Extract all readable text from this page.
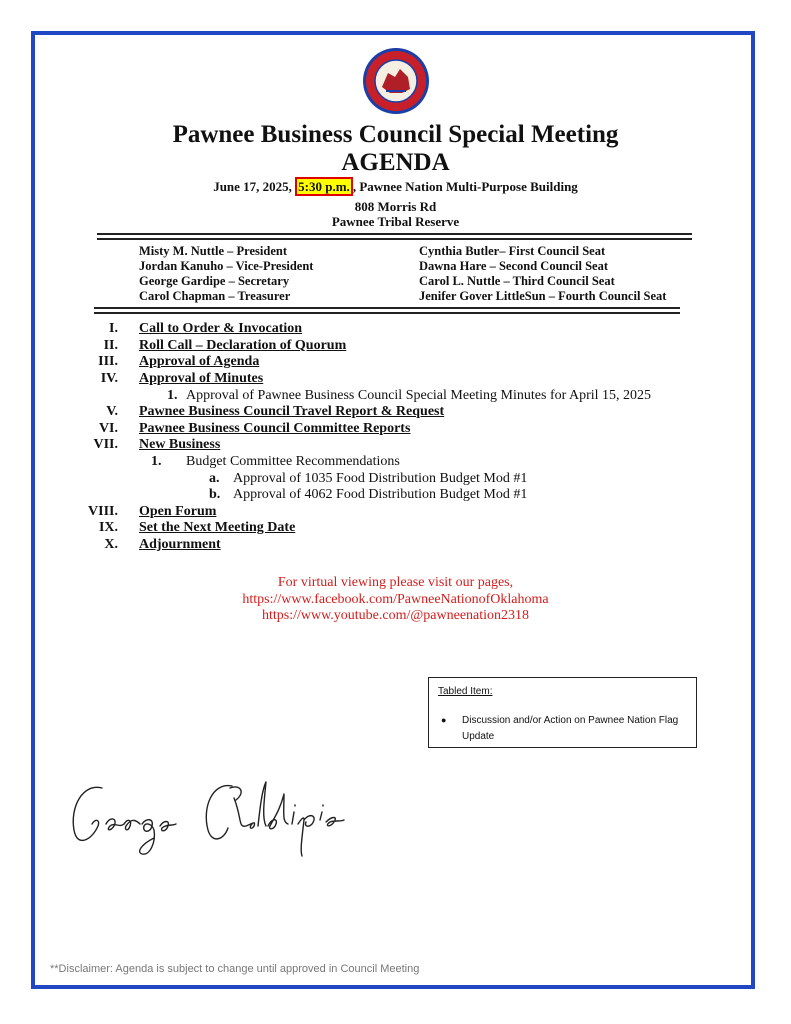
Pawnee Business Council Special Meeting
AGENDA
June 17, 2025, 5:30 p.m. , Pawnee Nation Multi-Purpose Building
808 Morris Rd
Pawnee Tribal Reserve
Misty M. Nuttle – President
Jordan Kanuho – Vice-President
George Gardipe – Secretary
Carol Chapman – Treasurer
Cynthia Butler– First Council Seat
Dawna Hare – Second Council Seat
Carol L. Nuttle – Third Council Seat
Jenifer Gover LittleSun – Fourth Council Seat
I. Call to Order & Invocation
II. Roll Call – Declaration of Quorum
III. Approval of Agenda
IV. Approval of Minutes
1. Approval of Pawnee Business Council Special Meeting Minutes for April 15, 2025
V. Pawnee Business Council Travel Report & Request
VI. Pawnee Business Council Committee Reports
VII. New Business
1. Budget Committee Recommendations
a. Approval of 1035 Food Distribution Budget Mod #1
b. Approval of 4062 Food Distribution Budget Mod #1
VIII. Open Forum
IX. Set the Next Meeting Date
X. Adjournment
For virtual viewing please visit our pages,
https://www.facebook.com/PawneeNationofOklahoma
https://www.youtube.com/@pawneenation2318
Tabled Item:
● Discussion and/or Action on Pawnee Nation Flag Update
**Disclaimer: Agenda is subject to change until approved in Council Meeting
